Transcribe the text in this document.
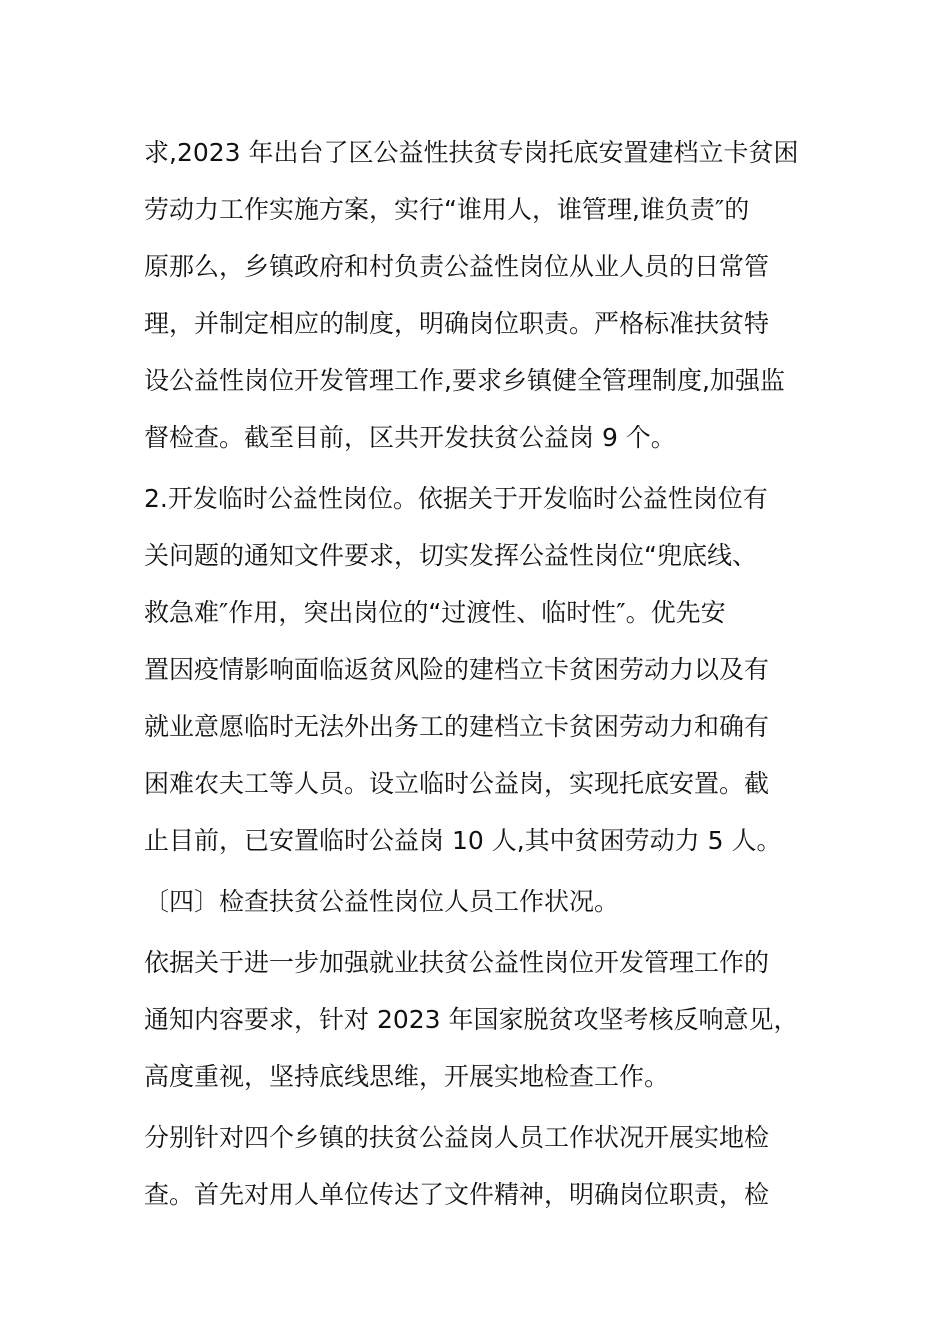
求,2023 年出台了区公益性扶贫专岗托底安置建档立卡贫困
劳动力工作实施方案，实行“谁用人，谁管理,谁负责″的
原那么，乡镇政府和村负责公益性岗位从业人员的日常管
理，并制定相应的制度，明确岗位职责。严格标准扶贫特
设公益性岗位开发管理工作,要求乡镇健全管理制度,加强监
督检查。截至目前，区共开发扶贫公益岗 9 个。
2.开发临时公益性岗位。依据关于开发临时公益性岗位有
关问题的通知文件要求，切实发挥公益性岗位“兜底线、
救急难″作用，突出岗位的“过渡性、临时性″。优先安
置因疫情影响面临返贫风险的建档立卡贫困劳动力以及有
就业意愿临时无法外出务工的建档立卡贫困劳动力和确有
困难农夫工等人员。设立临时公益岗，实现托底安置。截
止目前，已安置临时公益岗 10 人,其中贫困劳动力 5 人。
〔四〕检查扶贫公益性岗位人员工作状况。
依据关于进一步加强就业扶贫公益性岗位开发管理工作的
通知内容要求，针对 2023 年国家脱贫攻坚考核反响意见，
高度重视，坚持底线思维，开展实地检查工作。
分别针对四个乡镇的扶贫公益岗人员工作状况开展实地检
查。首先对用人单位传达了文件精神，明确岗位职责，检
